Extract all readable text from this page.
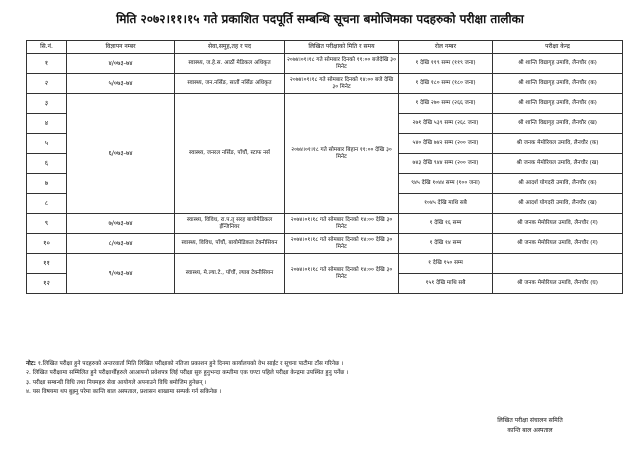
मिति २०७२।११।१५ गते प्रकाशित पदपूर्ति सम्बन्धि सूचना बमोजिमका पदहरुको परीक्षा तालीका
सि.नं.	विज्ञापन नम्बर	सेवा,समुह,तह र पद	लिखित परीक्षाको मिति र समय	रोल नम्बर	परीक्षा केन्द्र
१	४/०७३-७४	स्वास्थ्य, ज.हे.स. आठौं मेडिकल अधिकृत	२०७४।०१।१८ गते सोमबार दिनको ११:०० बजेदेखि ३० मिनेट	१ देखि ११९ सम्म (११९ जना)	श्री शान्ति विद्यागृह उमावि, लैनचौर (क)
२	५/०७३-७४	स्वास्थ्य, जन.नर्सिङ, सातौं नर्सिङ अधिकृत	२०७४।०१।१८ गते सोमबार दिनको १४:०० बजे देखि ३० मिनेट	१ देखि १८० सम्म (१८० जना)	श्री शान्ति विद्यागृह उमावि, लैनचौर (क)
३	६/०७३-७४	स्वास्थ्य, जनरल नर्सिङ, पाँचौं, स्टाफ नर्स	२०७४।०१।१८ गते सोमबार बिहान ११:०० देखि ३० मिनेट	१ देखि २७० सम्म (२६६ जना)	श्री शान्ति विद्यागृह उमावि, लैनचौर (क)
४				२७१ देखि ५३९ सम्म (२६८ जना)	श्री शान्ति विद्यागृह उमावि, लैनचौर (ख)
५				५४० देखि ७४२ सम्म (२०० जना)	श्री जनक मेमोरियल उमावि, लैनचौर (क)
६				७४३ देखि ९४४ सम्म (२०० जना)	श्री जनक मेमोरियल उमावि, लैनचौर (ख)
७				९४५ देखि १०४४ सम्म (१०० जना)	श्री आदर्श योगदरी उमावि, लैनचौर (क)
८				१०४५ देखि माथि सबै	श्री आदर्श योगदरी उमावि, लैनचौर (ख)
९	७/०७३-७४	स्वास्थ्य, विविध, रा.प.तृ सरह बायोमेडिकल ईन्जिनियर	२०७४।०१।१८ गते सोमबार दिनको १४:०० देखि ३० मिनेट	१ देखि १६ सम्म	श्री जनक मेमोरियल उमावि, लैनचौर (ग)
१०	८/०७३-७४	स्वास्थ्य, विविध, पाँचौं, बायोमेडिकल टेक्नीसियन	२०७४।०१।१८ गते सोमबार दिनको १४:०० देखि ३० मिनेट	१ देखि १४ सम्म	श्री जनक मेमोरियल उमावि, लैनचौर (ग)
११	९/०७३-७४	स्वास्थ्य, मे.ल्या.टे., पाँचौं, ल्याब टेक्नीसियन	२०७४।०१।१८ गते सोमबार दिनको १४:०० देखि ३० मिनेट	१ देखि १५० सम्म	
१२				१५१ देखि माथि सबै	श्री जनक मेमोरियल उमावि, लैनचौर (घ)
नोट: १.लिखित परीक्षा हुने पदहरुको अन्तरवार्ता मिति लिखित परीक्षाको नतिजा प्रकाशन हुने दिनमा कार्यालयको वेभ साईट र सूचना पाटीमा टाँस गरिनेछ ।
२. लिखित परीक्षामा सम्मिलित हुने परीक्षार्थीहरुले आआफ्नो प्रवेशपत्र लिई परीक्षा सुरु हुनुभन्दा कम्तीमा एक घण्टा पहिले परीक्षा केन्द्रमा उपस्थित हुनु पर्नेछ ।
३. परीक्षा सम्बन्धी विधि तथा नियमहरु सेवा आयोगले अपनाउने विधि बमोजिम हुनेछन् ।
४. यस विषयमा थप बुझ्नु परेमा कान्ति बाल अस्पताल, प्रशासन शाखामा सम्पर्क गर्न सकिनेछ ।
लिखित परीक्षा संचालन समिति
कान्ति बाल अस्पताल
